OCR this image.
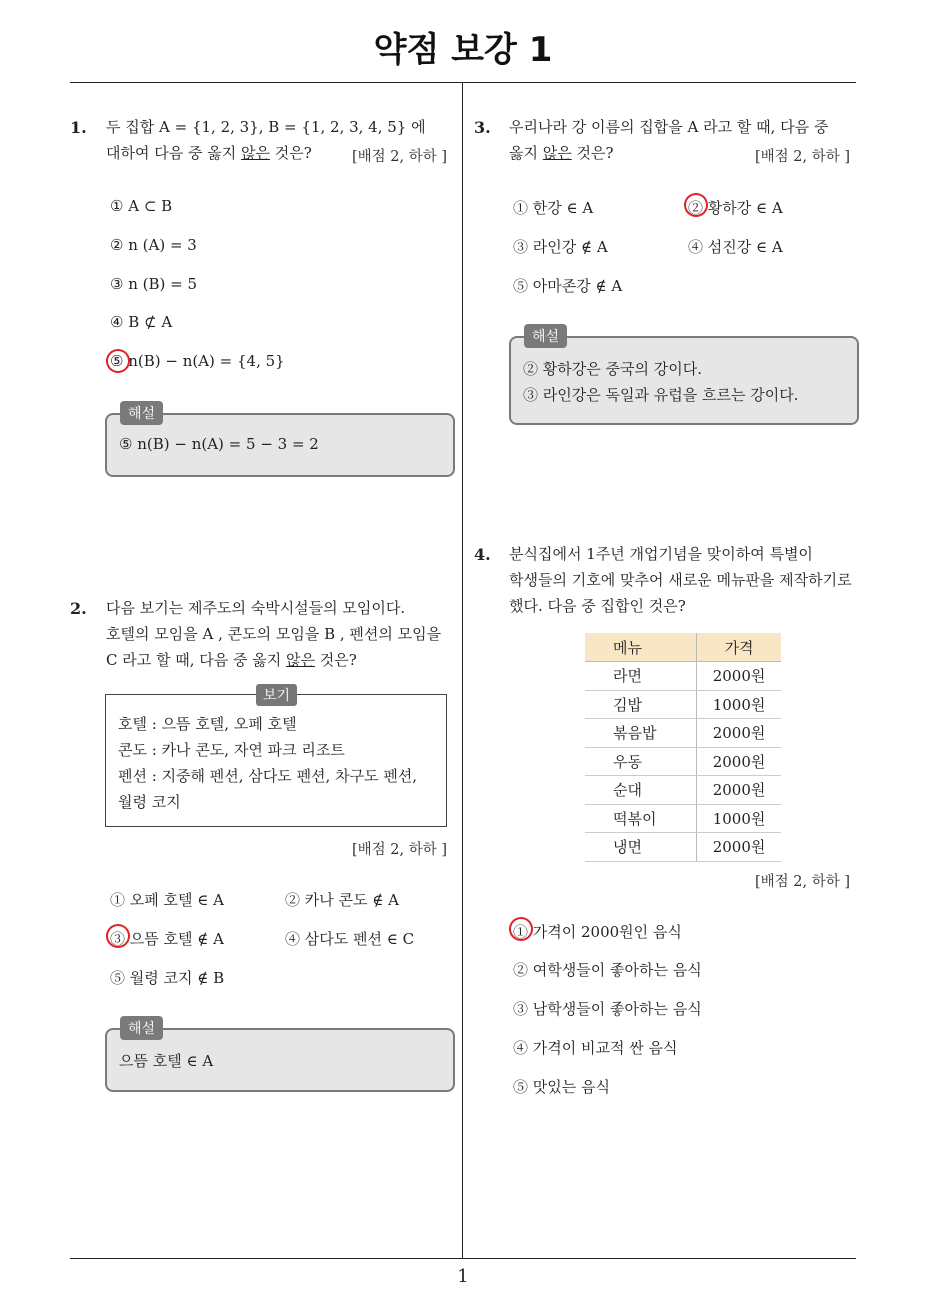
약점 보강 1
1
1. 두 집합 A = {1, 2, 3}, B = {1, 2, 3, 4, 5} 에
대하여 다음 중 옳지 않은 것은?	[배점 2, 하하 ]
① A ⊂ B
② n (A) = 3
③ n (B) = 5
④ B ⊄ A
⑤ n(B) − n(A) = {4, 5}
⑤ n(B) − n(A) = 5 − 3 = 2
해설
2. 다음 보기는 제주도의 숙박시설들의 모임이다.
호텔의 모임을 A , 콘도의 모임을 B , 펜션의 모임을
C 라고 할 때, 다음 중 옳지 않은 것은?
호텔 : 으뜸 호텔, 오페 호텔
콘도 : 카나 콘도, 자연 파크 리조트
펜션 : 지중해 펜션, 삼다도 펜션, 차구도 펜션,
월령 코지
보기
[배점 2, 하하 ]
① 오페 호텔 ∈ A	② 카나 콘도 ∉ A
③ 으뜸 호텔 ∉ A	④ 삼다도 펜션 ∈ C
⑤ 월령 코지 ∉ B
으뜸 호텔 ∈ A
해설
3. 우리나라 강 이름의 집합을 A 라고 할 때, 다음 중
옳지 않은 것은?	[배점 2, 하하 ]
① 한강 ∈ A	② 황하강 ∈ A
③ 라인강 ∉ A	④ 섬진강 ∈ A
⑤ 아마존강 ∉ A
② 황하강은 중국의 강이다.
③ 라인강은 독일과 유럽을 흐르는 강이다.
해설
4. 분식집에서 1주년 개업기념을 맞이하여 특별이
학생들의 기호에 맞추어 새로운 메뉴판을 제작하기로
했다. 다음 중 집합인 것은?
메뉴	가격
라면	2000원
김밥	1000원
볶음밥	2000원
우동	2000원
순대	2000원
떡볶이	1000원
냉면	2000원
[배점 2, 하하 ]
① 가격이 2000원인 음식
② 여학생들이 좋아하는 음식
③ 남학생들이 좋아하는 음식
④ 가격이 비교적 싼 음식
⑤ 맛있는 음식
